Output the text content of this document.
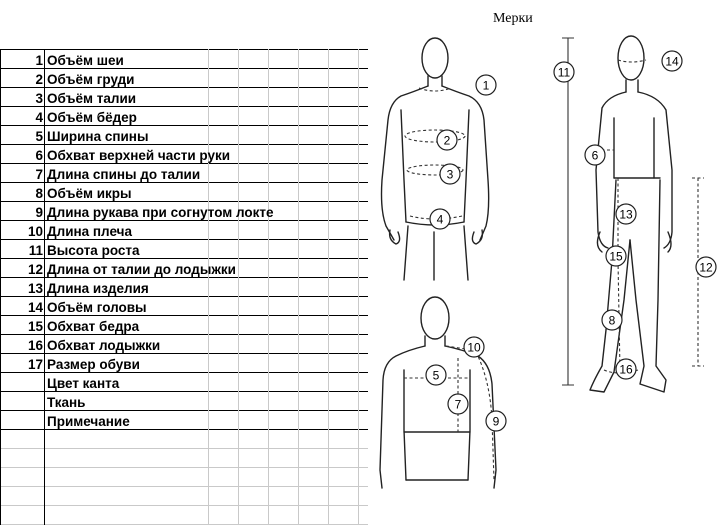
1 Объём шеи
2 Объём груди
3 Объём талии
4 Объём бёдер
5 Ширина спины
6 Обхват верхней части руки
7 Длина спины до талии
8 Объём икры
9 Длина рукава при согнутом локте
10 Длина плеча
11 Высота роста
12 Длина от талии до лодыжки
13 Длина изделия
14 Объём головы
15 Обхват бедра
16 Обхват лодыжки
17 Размер обуви
Цвет канта
Ткань
Примечание
Мерки
1
2
3
4
10
5
7
9
11
14
6
13
15
12
8
16
